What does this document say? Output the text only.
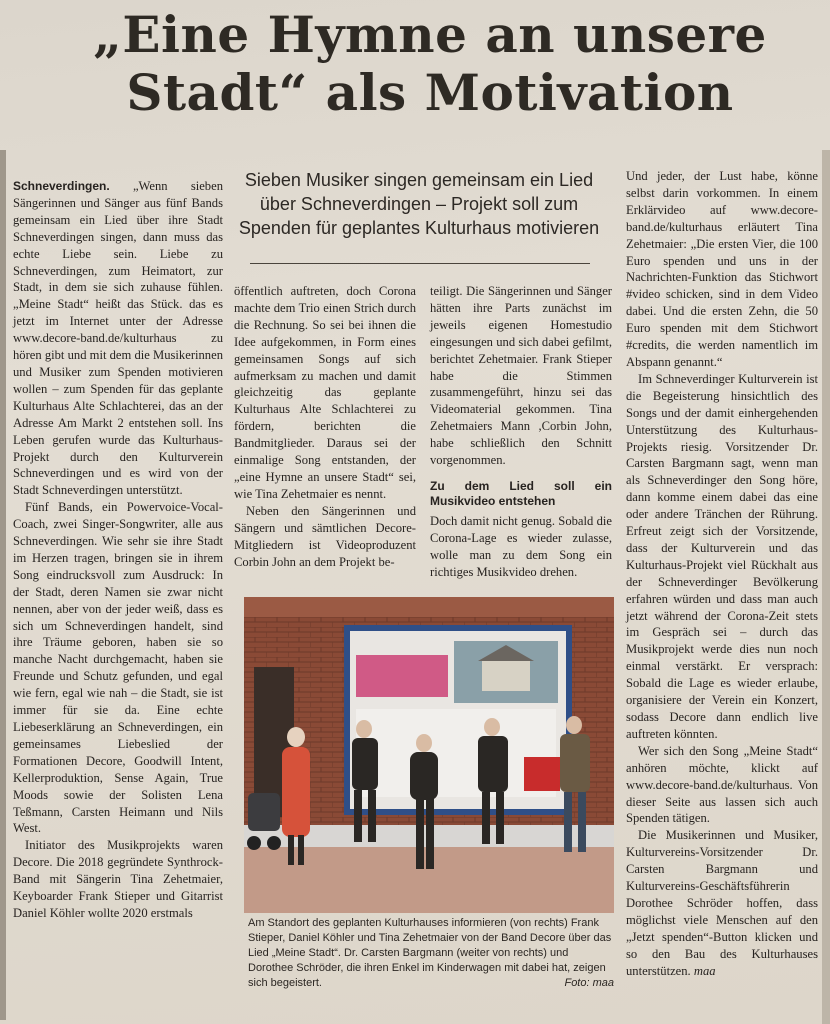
„Eine Hymne an unsere
Stadt“ als Motivation

Schneverdingen. „Wenn sieben Sängerinnen und Sänger aus fünf Bands gemeinsam ein Lied über ihre Stadt Schneverdingen singen, dann muss das echte Liebe sein. Liebe zu Schneverdingen, zum Heimatort, zur Stadt, in dem sie sich zuhause fühlen. „Meine Stadt“ heißt das Stück. das es jetzt im Internet unter der Adresse www.decore-band.de/kulturhaus zu hören gibt und mit dem die Musikerinnen und Musiker zum Spenden motivieren wollen – zum Spenden für das geplante Kulturhaus Alte Schlachterei, das an der Adresse Am Markt 2 entstehen soll. Ins Leben gerufen wurde das Kulturhaus-Projekt durch den Kulturverein Schneverdingen und es wird von der Stadt Schneverdingen unterstützt.

Fünf Bands, ein Powervoice-Vocal-Coach, zwei Singer-Songwriter, alle aus Schneverdingen. Wie sehr sie ihre Stadt im Herzen tragen, bringen sie in ihrem Song eindrucksvoll zum Ausdruck: In der Stadt, deren Namen sie zwar nicht nennen, aber von der jeder weiß, dass es sich um Schneverdingen handelt, sind ihre Träume geboren, haben sie so manche Nacht durchgemacht, haben sie Freunde und Schutz gefunden, und egal wie fern, egal wie nah – die Stadt, sie ist immer für sie da. Eine echte Liebeserklärung an Schneverdingen, ein gemeinsames Liebeslied der Formationen Decore, Goodwill Intent, Kellerproduktion, Sense Again, True Moods sowie der Solisten Lena Teßmann, Carsten Heimann und Nils West.

Initiator des Musikprojekts waren Decore. Die 2018 gegründete Synthrock-Band mit Sängerin Tina Zehetmaier, Keyboarder Frank Stieper und Gitarrist Daniel Köhler wollte 2020 erstmals

Sieben Musiker singen gemeinsam ein Lied über Schneverdingen – Projekt soll zum Spenden für geplantes Kulturhaus motivieren

öffentlich auftreten, doch Corona machte dem Trio einen Strich durch die Rechnung. So sei bei ihnen die Idee aufgekommen, in Form eines gemeinsamen Songs auf sich aufmerksam zu machen und damit gleichzeitig das geplante Kulturhaus Alte Schlachterei zu fördern, berichten die Bandmitglieder. Daraus sei der einmalige Song entstanden, der „eine Hymne an unsere Stadt“ sei, wie Tina Zehetmaier es nennt.

Neben den Sängerinnen und Sängern und sämtlichen Decore-Mitgliedern ist Videoproduzent Corbin John an dem Projekt be-

teiligt. Die Sängerinnen und Sänger hätten ihre Parts zunächst im jeweils eigenen Homestudio eingesungen und sich dabei gefilmt, berichtet Zehetmaier. Frank Stieper habe die Stimmen zusammengeführt, hinzu sei das Videomaterial gekommen. Tina Zehetmaiers Mann ,Corbin John, habe schließlich den Schnitt vorgenommen.

Zu dem Lied soll ein Musikvideo entstehen

Doch damit nicht genug. Sobald die Corona-Lage es wieder zulasse, wolle man zu dem Song ein richtiges Musikvideo drehen.

Und jeder, der Lust habe, könne selbst darin vorkommen. In einem Erklärvideo auf www.decore-band.de/kulturhaus erläutert Tina Zehetmaier: „Die ersten Vier, die 100 Euro spenden und uns in der Nachrichten-Funktion das Stichwort #video schicken, sind in dem Video dabei. Und die ersten Zehn, die 50 Euro spenden mit dem Stichwort #credits, die werden namentlich im Abspann genannt.“

Im Schneverdinger Kulturverein ist die Begeisterung hinsichtlich des Songs und der damit einhergehenden Unterstützung des Kulturhaus-Projekts riesig. Vorsitzender Dr. Carsten Bargmann sagt, wenn man als Schneverdinger den Song höre, dann komme einem dabei das eine oder andere Tränchen der Rührung. Erfreut zeigt sich der Vorsitzende, dass der Kulturverein und das Kulturhaus-Projekt viel Rückhalt aus der Schneverdinger Bevölkerung erfahren würden und dass man auch jetzt während der Corona-Zeit stets im Gespräch sei – durch das Musikprojekt werde dies nun noch einmal verstärkt. Er versprach: Sobald die Lage es wieder erlaube, organisiere der Verein ein Konzert, sodass Decore dann endlich live auftreten könnten.

Wer sich den Song „Meine Stadt“ anhören möchte, klickt auf www.decore-band.de/kulturhaus. Von dieser Seite aus lassen sich auch Spenden tätigen.

Die Musikerinnen und Musiker, Kulturvereins-Vorsitzender Dr. Carsten Bargmann und Kulturvereins-Geschäftsführerin Dorothee Schröder hoffen, dass möglichst viele Menschen auf den „Jetzt spenden“-Button klicken und so den Bau des Kulturhauses unterstützen. maa

Am Standort des geplanten Kulturhauses informieren (von rechts) Frank Stieper, Daniel Köhler und Tina Zehetmaier von der Band Decore über das Lied „Meine Stadt“. Dr. Carsten Bargmann (weiter von rechts) und Dorothee Schröder, die ihren Enkel im Kinderwagen mit dabei hat, zeigen sich begeistert.	Foto: maa
